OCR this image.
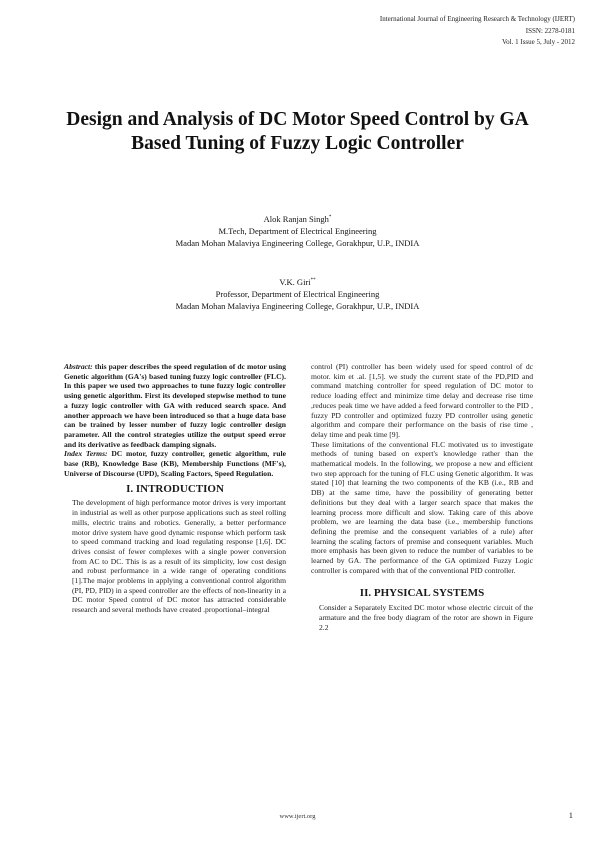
International Journal of Engineering Research & Technology (IJERT)
ISSN: 2278-0181
Vol. 1 Issue 5, July - 2012
Design and Analysis of DC Motor Speed Control by GA Based Tuning of Fuzzy Logic Controller
Alok Ranjan Singh*
M.Tech, Department of Electrical Engineering
Madan Mohan Malaviya Engineering College, Gorakhpur, U.P., INDIA
V.K. Giri**
Professor, Department of Electrical Engineering
Madan Mohan Malaviya Engineering College, Gorakhpur, U.P., INDIA

Abstract: this paper describes the speed regulation of dc motor using Genetic algorithm (GA's) based tuning fuzzy logic controller (FLC). In this paper we used two approaches to tune fuzzy logic controller using genetic algorithm. First its developed stepwise method to tune a fuzzy logic controller with GA with reduced search space. And another approach we have been introduced so that a huge data base can be trained by lesser number of fuzzy logic controller design parameter. All the control strategies utilize the output speed error and its derivative as feedback damping signals.

Index Terms: DC motor, fuzzy controller, genetic algorithm, rule base (RB), Knowledge Base (KB), Membership Functions (MF's), Universe of Discourse (UPD), Scaling Factors, Speed Regulation.

I. INTRODUCTION

The development of high performance motor drives is very important in industrial as well as other purpose applications such as steel rolling mills, electric trains and robotics. Generally, a better performance motor drive system have good dynamic response which perform task to speed command tracking and load regulating response [1,6]. DC drives consist of fewer complexes with a single power conversion from AC to DC. This is as a result of its simplicity, low cost design and robust performance in a wide range of operating conditions [1].The major problems in applying a conventional control algorithm (PI, PD, PID) in a speed controller are the effects of non-linearity in a DC motor Speed control of DC motor has attracted considerable research and several methods have created .proportional–integral

control (PI) controller has been widely used for speed control of dc motor. kim et .al. [1,5]. we study the current state of the PD,PID and command matching controller for speed regulation of DC motor to reduce loading effect and minimize time delay and decrease rise time ,reduces peak time we have added a feed forward controller to the PID , fuzzy PD controller and optimized fuzzy PD controller using genetic algorithm and compare their performance on the basis of rise time , delay time and peak time [9].

These limitations of the conventional FLC motivated us to investigate methods of tuning based on expert's knowledge rather than the mathematical models. In the following, we propose a new and efficient two step approach for the tuning of FLC using Genetic algorithm. It was stated [10] that learning the two components of the KB (i.e., RB and DB) at the same time, have the possibility of generating better definitions but they deal with a larger search space that makes the learning process more difficult and slow. Taking care of this above problem, we are learning the data base (i.e., membership functions defining the premise and the consequent variables of a rule) after learning the scaling factors of premise and consequent variables. Much more emphasis has been given to reduce the number of variables to be learned by GA. The performance of the GA optimized Fuzzy Logic controller is compared with that of the conventional PID controller.

II. PHYSICAL SYSTEMS

Consider a Separately Excited DC motor whose electric circuit of the armature and the free body diagram of the rotor are shown in Figure 2.2

www.ijert.org	1
